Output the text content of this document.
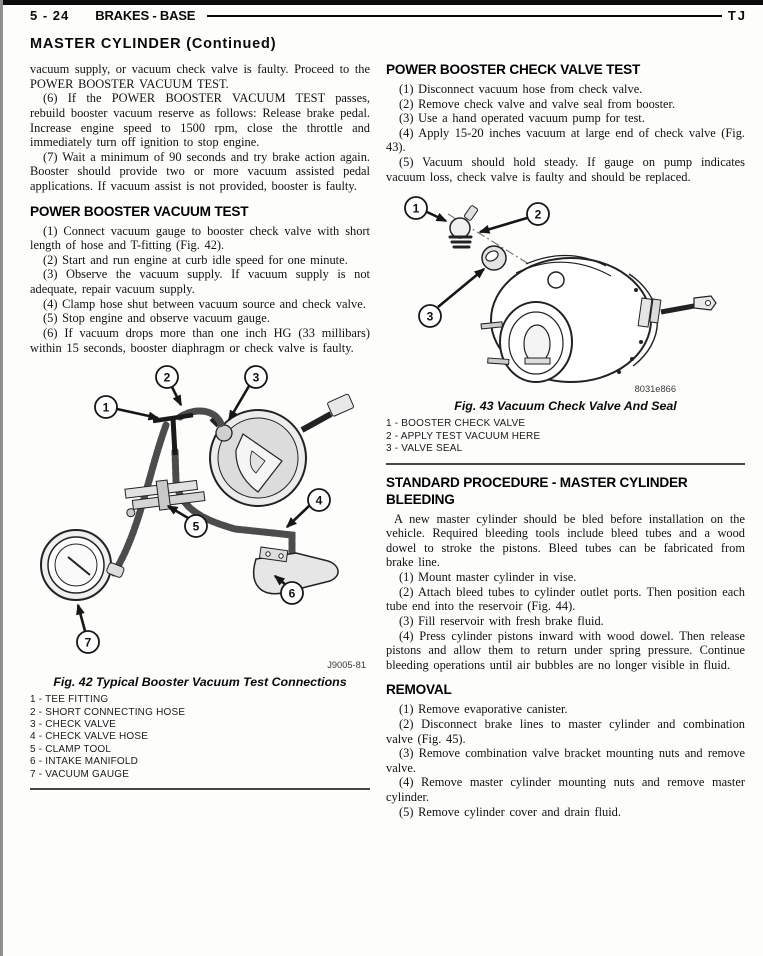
5 - 24 BRAKES - BASE	TJ
MASTER CYLINDER (Continued)

vacuum supply, or vacuum check valve is faulty. Proceed to the POWER BOOSTER VACUUM TEST.

(6) If the POWER BOOSTER VACUUM TEST passes, rebuild booster vacuum reserve as follows: Release brake pedal. Increase engine speed to 1500 rpm, close the throttle and immediately turn off ignition to stop engine.

(7) Wait a minimum of 90 seconds and try brake action again. Booster should provide two or more vacuum assisted pedal applications. If vacuum assist is not provided, booster is faulty.

POWER BOOSTER VACUUM TEST

(1) Connect vacuum gauge to booster check valve with short length of hose and T-fitting (Fig. 42).

(2) Start and run engine at curb idle speed for one minute.

(3) Observe the vacuum supply. If vacuum supply is not adequate, repair vacuum supply.

(4) Clamp hose shut between vacuum source and check valve.

(5) Stop engine and observe vacuum gauge.

(6) If vacuum drops more than one inch HG (33 millibars) within 15 seconds, booster diaphragm or check valve is faulty.

1
2	3
4
5
6
7
J9005-81
Fig. 42 Typical Booster Vacuum Test Connections
1 - TEE FITTING
2 - SHORT CONNECTING HOSE
3 - CHECK VALVE
4 - CHECK VALVE HOSE
5 - CLAMP TOOL
6 - INTAKE MANIFOLD
7 - VACUUM GAUGE
POWER BOOSTER CHECK VALVE TEST

(1) Disconnect vacuum hose from check valve.

(2) Remove check valve and valve seal from booster.

(3) Use a hand operated vacuum pump for test.

(4) Apply 15-20 inches vacuum at large end of check valve (Fig. 43).

(5) Vacuum should hold steady. If gauge on pump indicates vacuum loss, check valve is faulty and should be replaced.

1	2
3
8031e866
Fig. 43 Vacuum Check Valve And Seal
1 - BOOSTER CHECK VALVE
2 - APPLY TEST VACUUM HERE
3 - VALVE SEAL
STANDARD PROCEDURE - MASTER CYLINDER BLEEDING

A new master cylinder should be bled before installation on the vehicle. Required bleeding tools include bleed tubes and a wood dowel to stroke the pistons. Bleed tubes can be fabricated from brake line.

(1) Mount master cylinder in vise.

(2) Attach bleed tubes to cylinder outlet ports. Then position each tube end into the reservoir (Fig. 44).

(3) Fill reservoir with fresh brake fluid.

(4) Press cylinder pistons inward with wood dowel. Then release pistons and allow them to return under spring pressure. Continue bleeding operations until air bubbles are no longer visible in fluid.

REMOVAL

(1) Remove evaporative canister.

(2) Disconnect brake lines to master cylinder and combination valve (Fig. 45).

(3) Remove combination valve bracket mounting nuts and remove valve.

(4) Remove master cylinder mounting nuts and remove master cylinder.

(5) Remove cylinder cover and drain fluid.
